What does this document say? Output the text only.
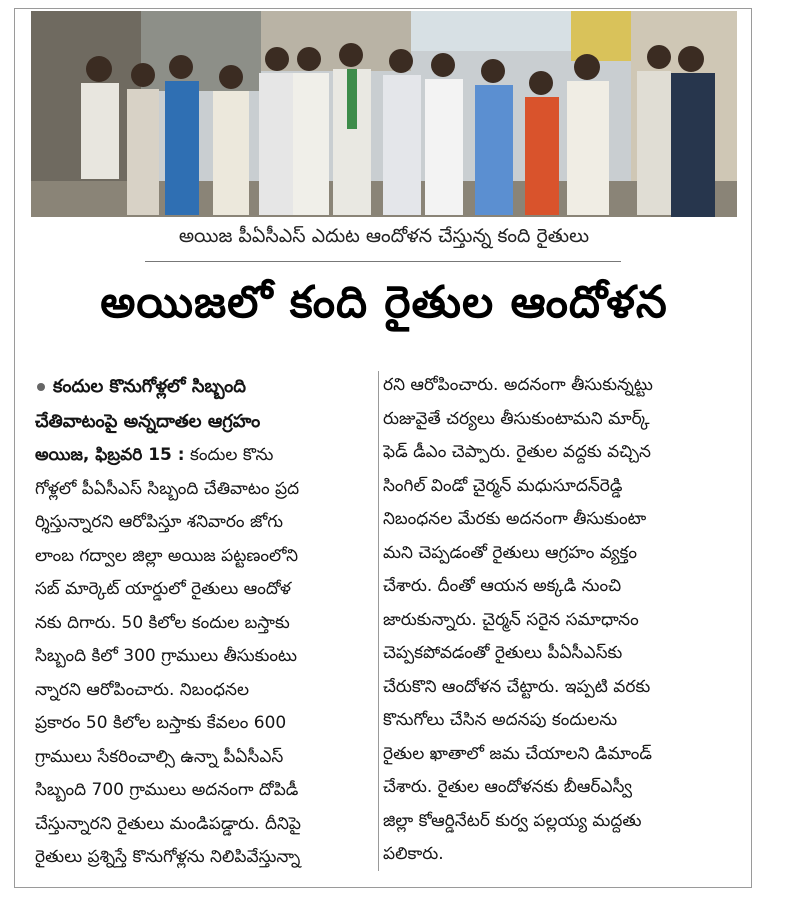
అయిజ పీఏసీఎస్ ఎదుట ఆందోళన చేస్తున్న కంది రైతులు
అయిజలో కంది రైతుల ఆందోళన
కందుల కొనుగోళ్లలో సిబ్బంది
చేతివాటంపై అన్నదాతల ఆగ్రహం
అయిజ, ఫిబ్రవరి 15 : కందుల కొను
గోళ్లలో పీఏసీఎస్ సిబ్బంది చేతివాటం ప్రద
ర్శిస్తున్నారని ఆరోపిస్తూ శనివారం జోగు
లాంబ గద్వాల జిల్లా అయిజ పట్టణంలోని
సబ్ మార్కెట్ యార్డులో రైతులు ఆందోళ
నకు దిగారు. 50 కిలోల కందుల బస్తాకు
సిబ్బంది కిలో 300 గ్రాములు తీసుకుంటు
న్నారని ఆరోపించారు. నిబంధనల
ప్రకారం 50 కిలోల బస్తాకు కేవలం 600
గ్రాములు సేకరించాల్సి ఉన్నా పీఏసీఎస్
సిబ్బంది 700 గ్రాములు అదనంగా దోపిడీ
చేస్తున్నారని రైతులు మండిపడ్డారు. దీనిపై
రైతులు ప్రశ్నిస్తే కొనుగోళ్లను నిలిపివేస్తున్నా
రని ఆరోపించారు. అదనంగా తీసుకున్నట్టు
రుజువైతే చర్యలు తీసుకుంటామని మార్క్
ఫెడ్ డీఎం చెప్పారు. రైతుల వద్దకు వచ్చిన
సింగిల్ విండో చైర్మన్ మధుసూదన్‌రెడ్డి
నిబంధనల మేరకు అదనంగా తీసుకుంటా
మని చెప్పడంతో రైతులు ఆగ్రహం వ్యక్తం
చేశారు. దీంతో ఆయన అక్కడి నుంచి
జారుకున్నారు. చైర్మన్ సరైన సమాధానం
చెప్పకపోవడంతో రైతులు పీఏసీఎస్‌కు
చేరుకొని ఆందోళన చేట్టారు. ఇప్పటి వరకు
కొనుగోలు చేసిన అదనపు కందులను
రైతుల ఖాతాలో జమ చేయాలని డిమాండ్
చేశారు. రైతుల ఆందోళనకు బీఆర్ఎస్వీ
జిల్లా కోఆర్డినేటర్ కుర్వ పల్లయ్య మద్దతు
పలికారు.
